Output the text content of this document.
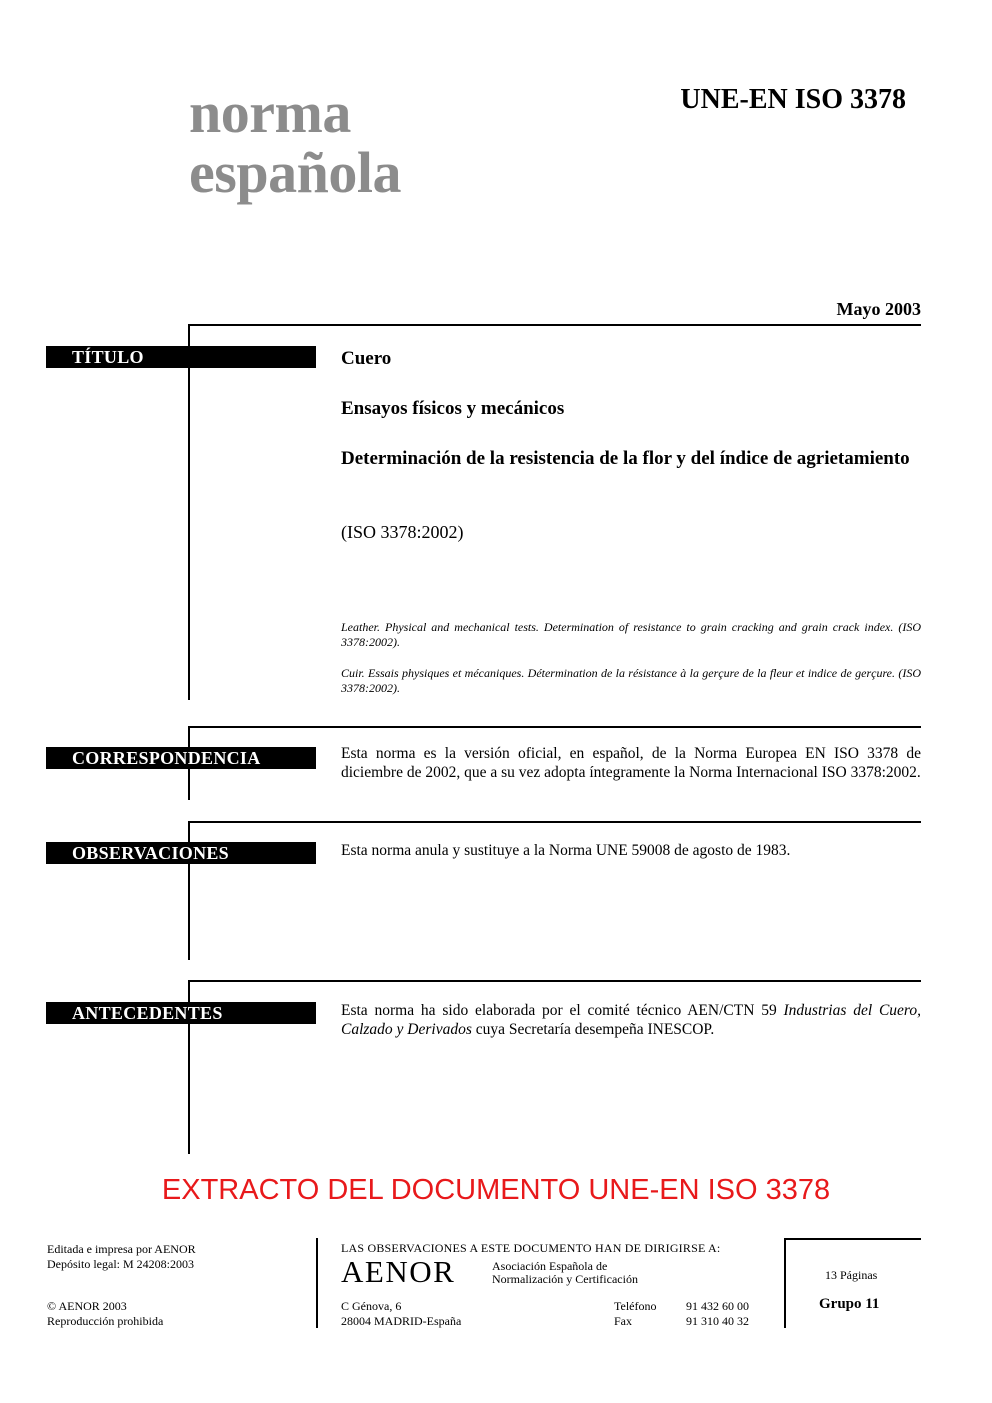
norma
española
UNE-EN ISO 3378
Mayo 2003
TÍTULO	Cuero
Ensayos físicos y mecánicos
Determinación de la resistencia de la flor y del índice de agrietamiento
(ISO 3378:2002)
Leather. Physical and mechanical tests. Determination of resistance to grain cracking and grain crack index. (ISO 3378:2002).
Cuir. Essais physiques et mécaniques. Détermination de la résistance à la gerçure de la fleur et indice de gerçure. (ISO 3378:2002).
CORRESPONDENCIA	Esta norma es la versión oficial, en español, de la Norma Europea EN ISO 3378 de diciembre de 2002, que a su vez adopta íntegramente la Norma Internacional ISO 3378:2002.
OBSERVACIONES	Esta norma anula y sustituye a la Norma UNE 59008 de agosto de 1983.
ANTECEDENTES	Esta norma ha sido elaborada por el comité técnico AEN/CTN 59 Industrias del Cuero, Calzado y Derivados cuya Secretaría desempeña INESCOP.
EXTRACTO DEL DOCUMENTO UNE-EN ISO 3378
Editada e impresa por AENOR
Depósito legal: M 24208:2003
© AENOR 2003
Reproducción prohibida
LAS OBSERVACIONES A ESTE DOCUMENTO HAN DE DIRIGIRSE A:
AENOR	Asociación Española de
Normalización y Certificación
C Génova, 6
28004 MADRID-España
Teléfono 91 432 60 00
Fax	91 310 40 32
13 Páginas
Grupo 11
